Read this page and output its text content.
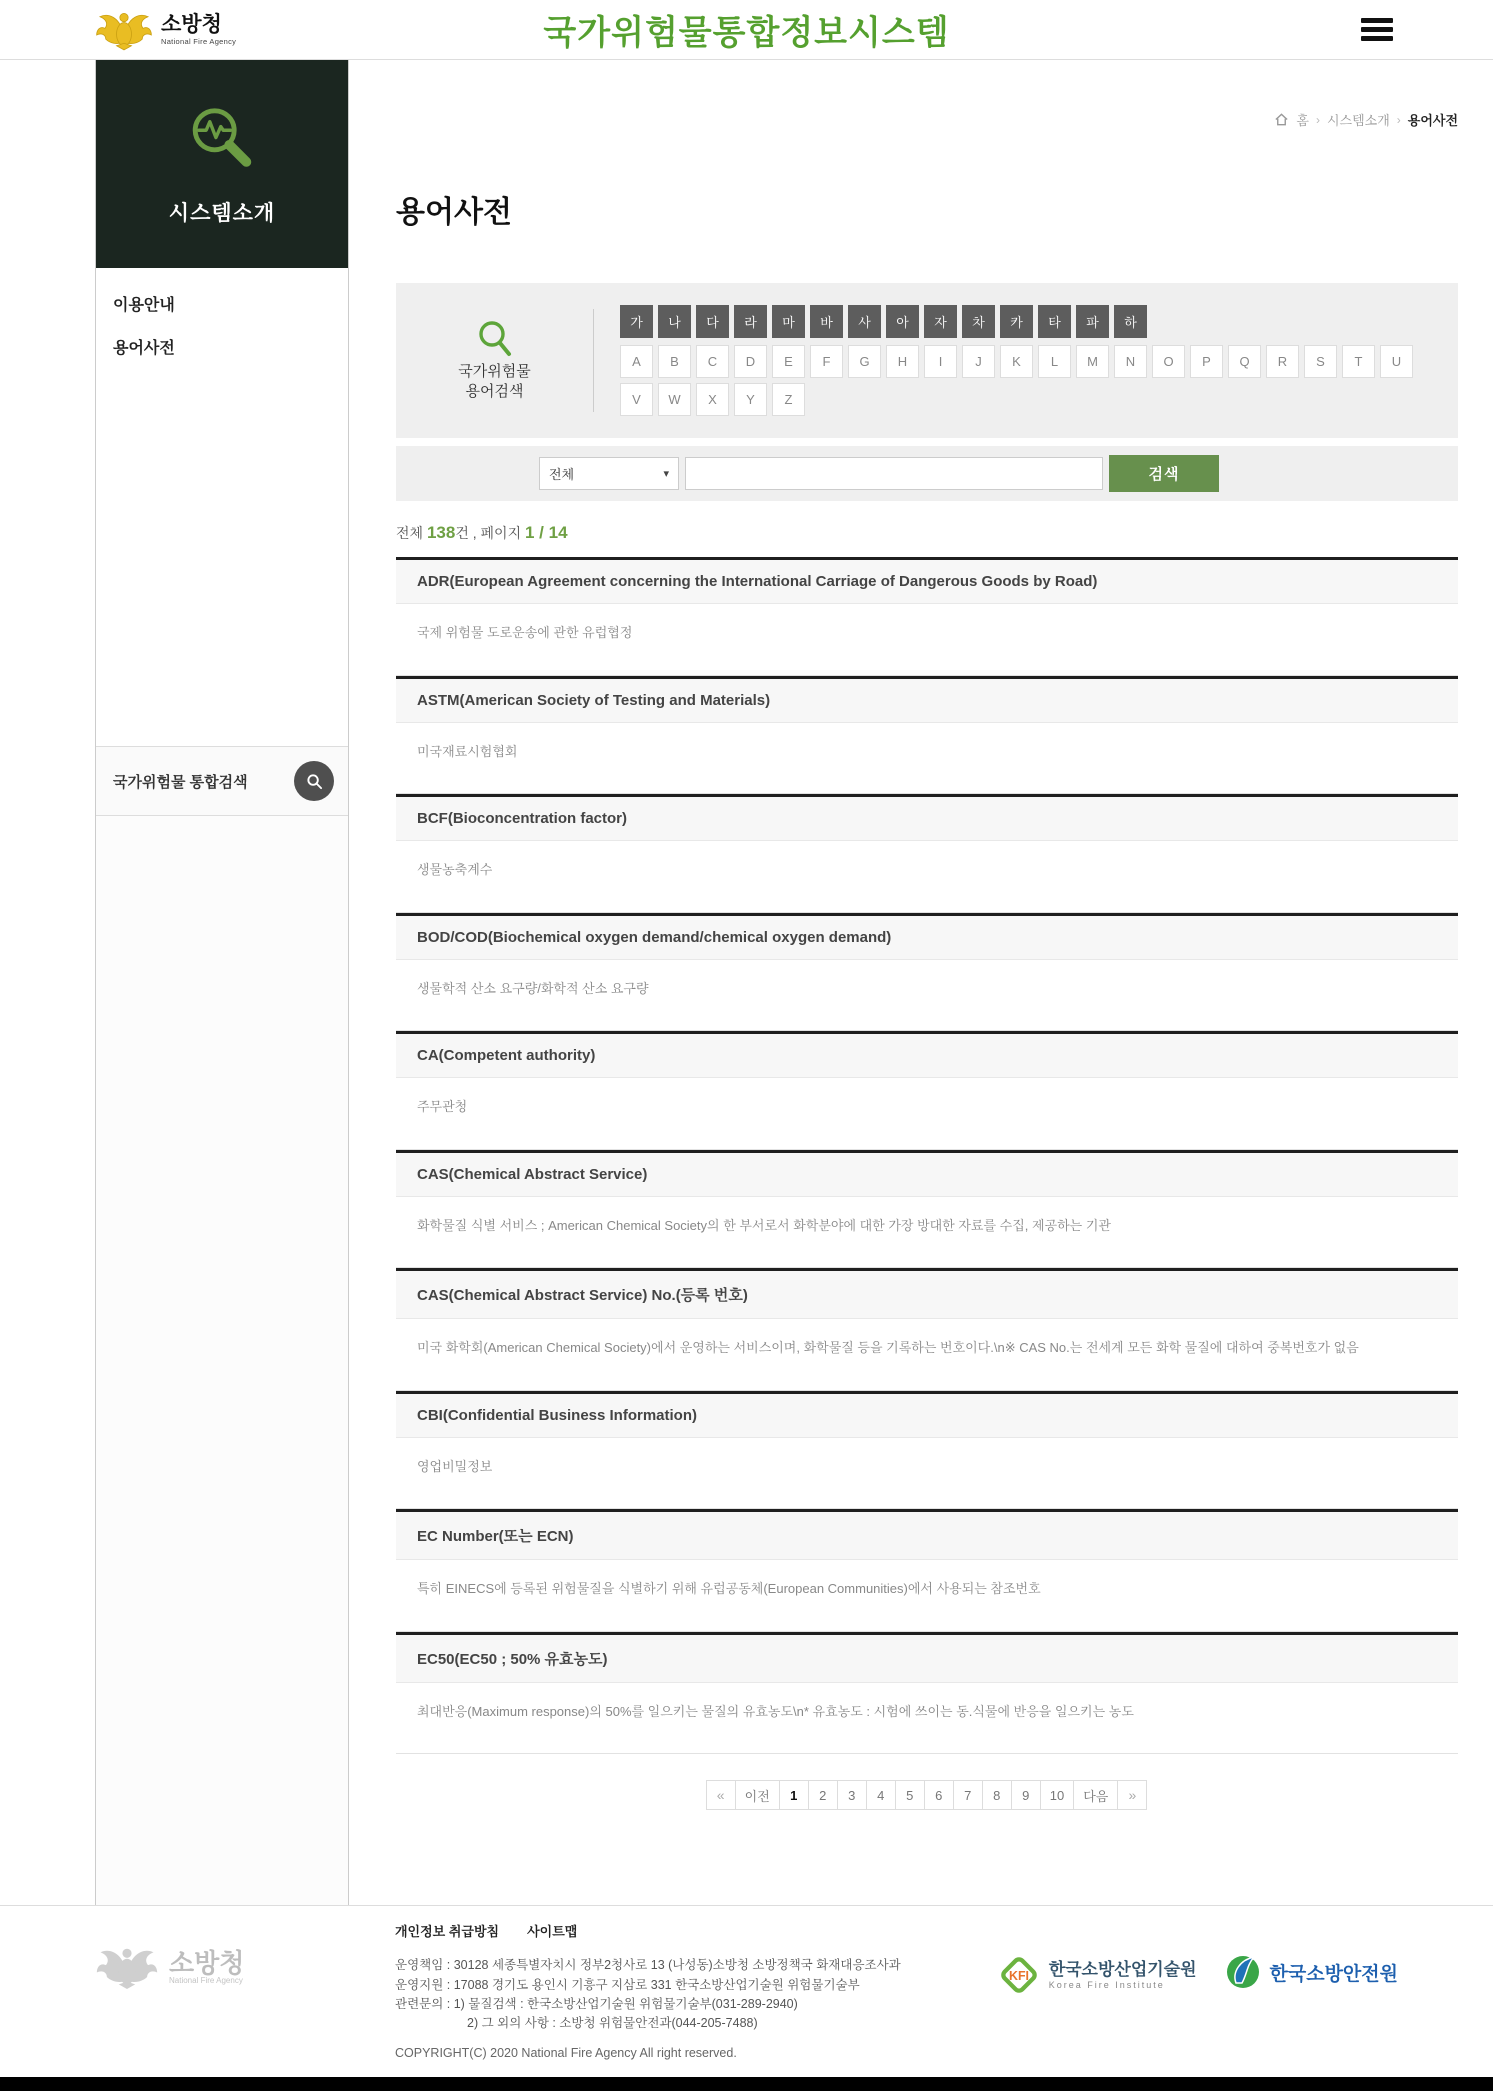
소방청
National Fire Agency	국가위험물통합정보시스템
시스템소개
이용안내
용어사전
국가위험물 통합검색
홈 › 시스템소개 › 용어사전
용어사전
국가위험물
용어검색
가	나	다	라	마	바	사	아	자	차	카	타	파	하
A	B	C	D	E	F	G	H	I	J	K	L	M	N	O	P	Q	R	S	T	U
V	W	X	Y	Z
전체	▾	검색
전체 138건 , 페이지 1 / 14
ADR(European Agreement concerning the International Carriage of Dangerous Goods by Road)

국제 위험물 도로운송에 관한 유럽협정

ASTM(American Society of Testing and Materials)

미국재료시험협회

BCF(Bioconcentration factor)

생물농축계수

BOD/COD(Biochemical oxygen demand/chemical oxygen demand)

생물학적 산소 요구량/화학적 산소 요구량

CA(Competent authority)

주무관청

CAS(Chemical Abstract Service)

화학물질 식별 서비스 ; American Chemical Society의 한 부서로서 화학분야에 대한 가장 방대한 자료를 수집, 제공하는 기관

CAS(Chemical Abstract Service) No.(등록 번호)

미국 화학회(American Chemical Society)에서 운영하는 서비스이며, 화학물질 등을 기록하는 번호이다.\n※ CAS No.는 전세계 모든 화학 물질에 대하여 중복번호가 없음

CBI(Confidential Business Information)

영업비밀정보

EC Number(또는 ECN)

특히 EINECS에 등록된 위험물질을 식별하기 위해 유럽공동체(European Communities)에서 사용되는 참조번호

EC50(EC50 ; 50% 유효농도)

최대반응(Maximum response)의 50%를 일으키는 물질의 유효농도\n* 유효농도 : 시험에 쓰이는 동.식물에 반응을 일으키는 농도

«	이전	1	2	3	4	5	6	7	8	9	10	다음	»
소방청
National Fire Agency
개인정보 취급방침 사이트맵
운영책임 : 30128 세종특별자치시 정부2청사로 13 (나성동)소방청 소방정책국 화재대응조사과
운영지원 : 17088 경기도 용인시 기흥구 지삼로 331 한국소방산업기술원 위험물기술부
관련문의 : 1) 물질검색 : 한국소방산업기술원 위험물기술부(031-289-2940)
2) 그 외의 사항 : 소방청 위험물안전과(044-205-7488)
COPYRIGHT(C) 2020 National Fire Agency All right reserved.
KFI 한국소방산업기술원
Korea Fire Institute
한국소방안전원
